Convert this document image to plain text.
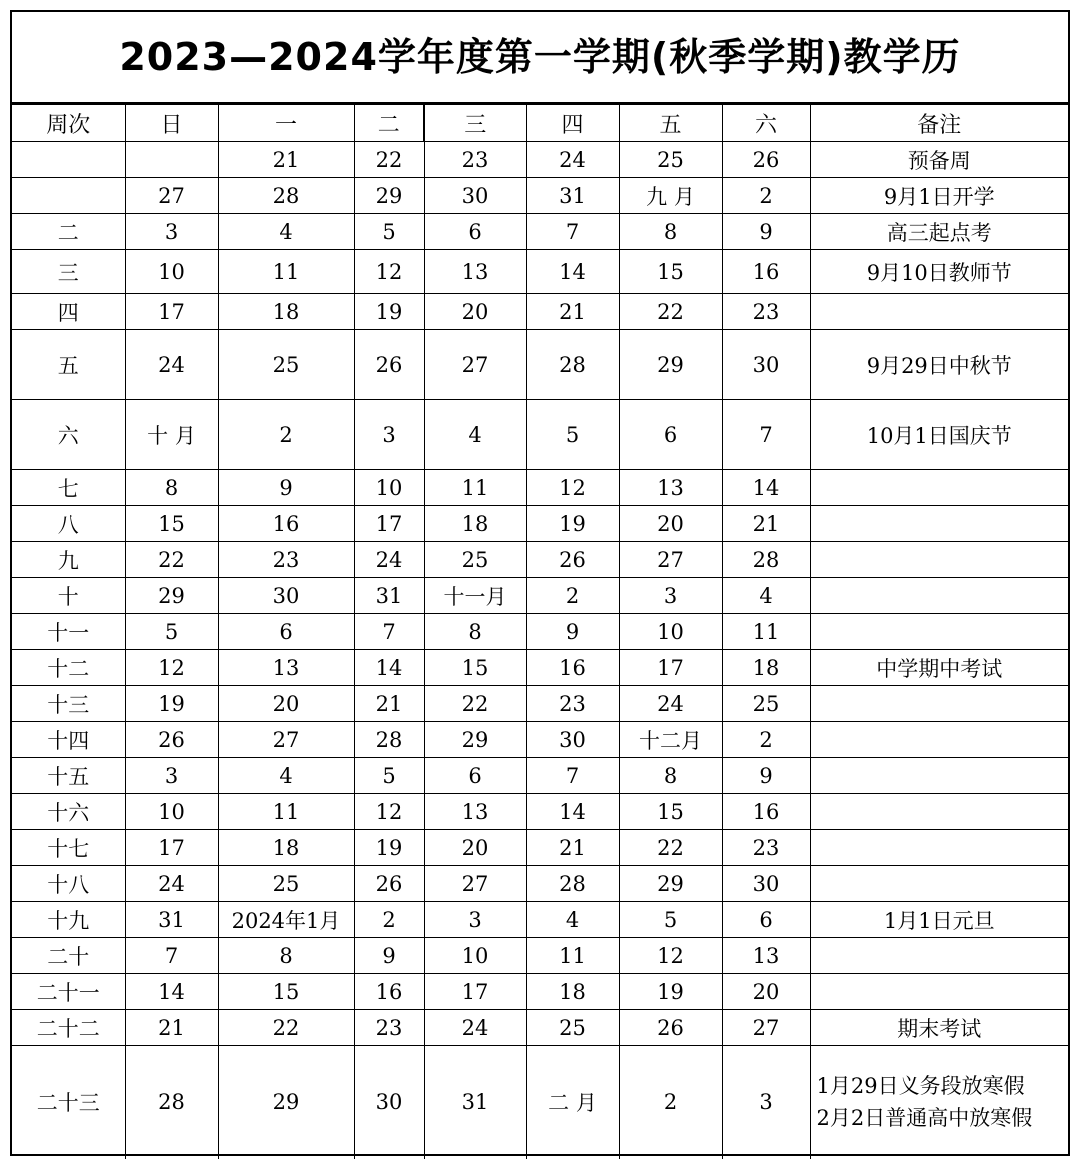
2023—2024学年度第一学期(秋季学期)教学历
周次	日	一	二	三	四	五	六	备注
		21	22	23	24	25	26	预备周
	27	28	29	30	31	九 月	2	9月1日开学
二	3	4	5	6	7	8	9	高三起点考
三	10	11	12	13	14	15	16	9月10日教师节
四	17	18	19	20	21	22	23	
五	24	25	26	27	28	29	30	9月29日中秋节
六	十 月	2	3	4	5	6	7	10月1日国庆节
七	8	9	10	11	12	13	14	
八	15	16	17	18	19	20	21	
九	22	23	24	25	26	27	28	
十	29	30	31	十一月	2	3	4	
十一	5	6	7	8	9	10	11	
十二	12	13	14	15	16	17	18	中学期中考试
十三	19	20	21	22	23	24	25	
十四	26	27	28	29	30	十二月	2	
十五	3	4	5	6	7	8	9	
十六	10	11	12	13	14	15	16	
十七	17	18	19	20	21	22	23	
十八	24	25	26	27	28	29	30	
十九	31	2024年1月	2	3	4	5	6	1月1日元旦
二十	7	8	9	10	11	12	13	
二十一	14	15	16	17	18	19	20	
二十二	21	22	23	24	25	26	27	期末考试
二十三	28	29	30	31	二 月	2	3	1月29日义务段放寒假
2月2日普通高中放寒假
